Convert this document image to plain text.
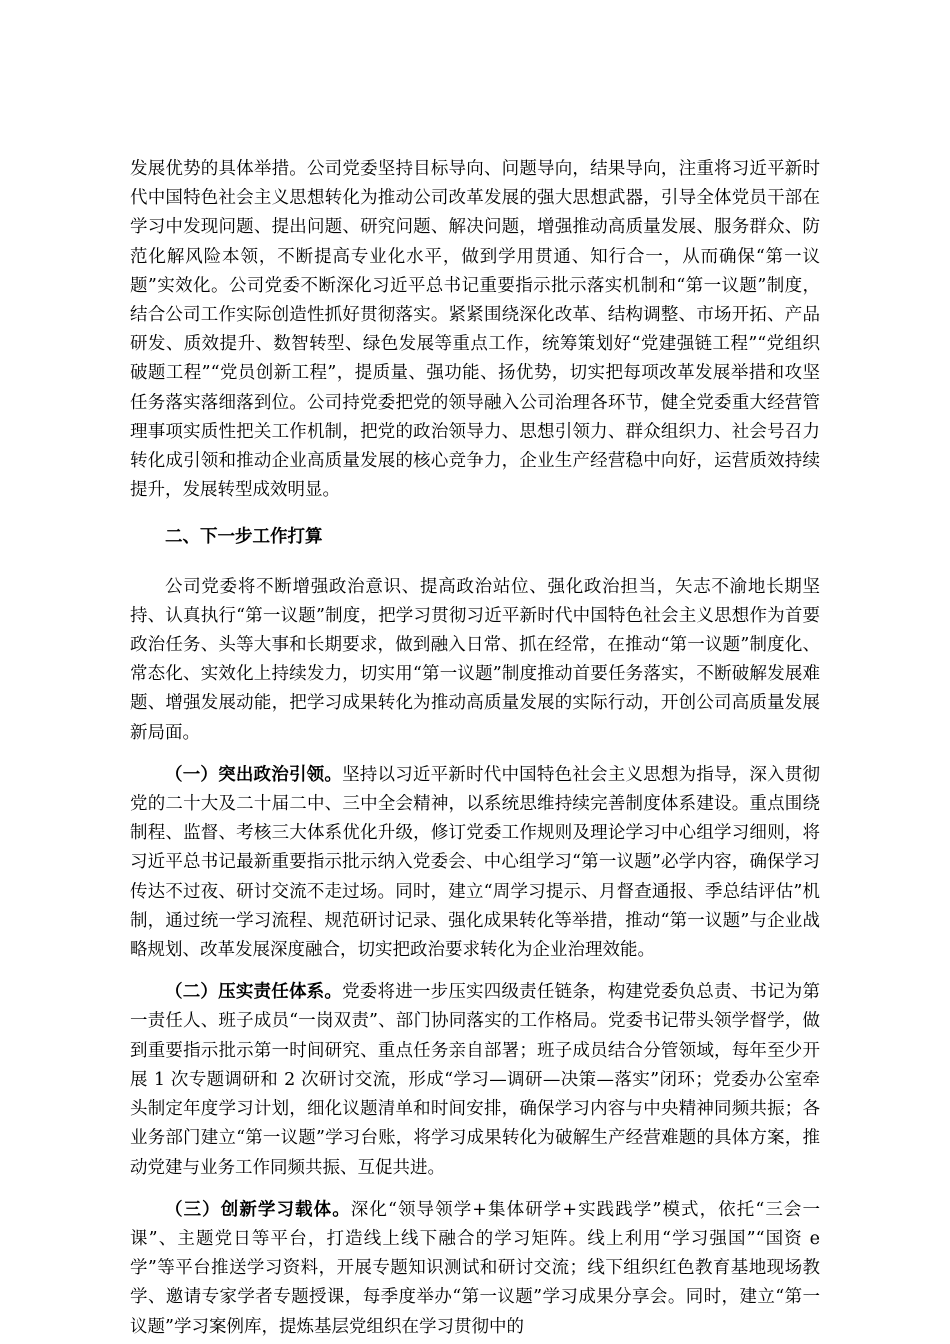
发展优势的具体举措。公司党委坚持目标导向、问题导向，结果导向，注重将习近平新时代中国特色社会主义思想转化为推动公司改革发展的强大思想武器，引导全体党员干部在学习中发现问题、提出问题、研究问题、解决问题，增强推动高质量发展、服务群众、防范化解风险本领，不断提高专业化水平，做到学用贯通、知行合一，从而确保“第一议题”实效化。公司党委不断深化习近平总书记重要指示批示落实机制和“第一议题”制度，结合公司工作实际创造性抓好贯彻落实。紧紧围绕深化改革、结构调整、市场开拓、产品研发、质效提升、数智转型、绿色发展等重点工作，统筹策划好“党建强链工程”“党组织破题工程”“党员创新工程”，提质量、强功能、扬优势，切实把每项改革发展举措和攻坚任务落实落细落到位。公司持党委把党的领导融入公司治理各环节，健全党委重大经营管理事项实质性把关工作机制，把党的政治领导力、思想引领力、群众组织力、社会号召力转化成引领和推动企业高质量发展的核心竞争力，企业生产经营稳中向好，运营质效持续提升，发展转型成效明显。

二、下一步工作打算

公司党委将不断增强政治意识、提高政治站位、强化政治担当，矢志不渝地长期坚持、认真执行“第一议题”制度，把学习贯彻习近平新时代中国特色社会主义思想作为首要政治任务、头等大事和长期要求，做到融入日常、抓在经常，在推动“第一议题”制度化、常态化、实效化上持续发力，切实用“第一议题”制度推动首要任务落实，不断破解发展难题、增强发展动能，把学习成果转化为推动高质量发展的实际行动，开创公司高质量发展新局面。

（一）突出政治引领。坚持以习近平新时代中国特色社会主义思想为指导，深入贯彻党的二十大及二十届二中、三中全会精神，以系统思维持续完善制度体系建设。重点围绕制程、监督、考核三大体系优化升级，修订党委工作规则及理论学习中心组学习细则，将习近平总书记最新重要指示批示纳入党委会、中心组学习“第一议题”必学内容，确保学习传达不过夜、研讨交流不走过场。同时，建立“周学习提示、月督查通报、季总结评估”机制，通过统一学习流程、规范研讨记录、强化成果转化等举措，推动“第一议题”与企业战略规划、改革发展深度融合，切实把政治要求转化为企业治理效能。

（二）压实责任体系。党委将进一步压实四级责任链条，构建党委负总责、书记为第一责任人、班子成员“一岗双责”、部门协同落实的工作格局。党委书记带头领学督学，做到重要指示批示第一时间研究、重点任务亲自部署；班子成员结合分管领域，每年至少开展 1 次专题调研和 2 次研讨交流，形成“学习—调研—决策—落实”闭环；党委办公室牵头制定年度学习计划，细化议题清单和时间安排，确保学习内容与中央精神同频共振；各业务部门建立“第一议题”学习台账，将学习成果转化为破解生产经营难题的具体方案，推动党建与业务工作同频共振、互促共进。

（三）创新学习载体。深化“领导领学+集体研学+实践践学”模式，依托“三会一课”、主题党日等平台，打造线上线下融合的学习矩阵。线上利用“学习强国”“国资 e 学”等平台推送学习资料，开展专题知识测试和研讨交流；线下组织红色教育基地现场教学、邀请专家学者专题授课，每季度举办“第一议题”学习成果分享会。同时，建立“第一议题”学习案例库，提炼基层党组织在学习贯彻中的
